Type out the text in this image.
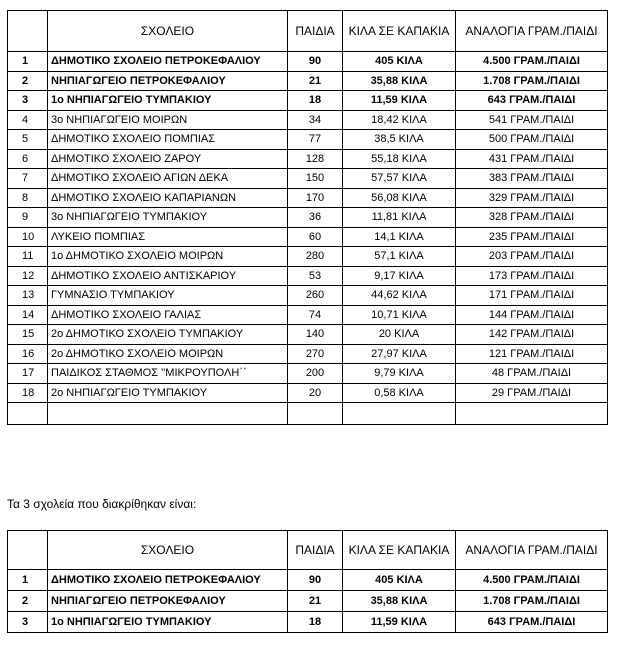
	ΣΧΟΛΕΙΟ	ΠΑΙΔΙΑ	ΚΙΛΑ ΣΕ ΚΑΠΑΚΙΑ	ΑΝΑΛΟΓΙΑ ΓΡΑΜ./ΠΑΙΔΙ
1	ΔΗΜΟΤΙΚΟ ΣΧΟΛΕΙΟ ΠΕΤΡΟΚΕΦΑΛΙΟΥ	90	405 ΚΙΛΑ	4.500 ΓΡΑΜ./ΠΑΙΔΙ
2	ΝΗΠΙΑΓΩΓΕΙΟ ΠΕΤΡΟΚΕΦΑΛΙΟΥ	21	35,88 ΚΙΛΑ	1.708 ΓΡΑΜ./ΠΑΙΔΙ
3	1ο ΝΗΠΙΑΓΩΓΕΙΟ ΤΥΜΠΑΚΙΟΥ	18	11,59 ΚΙΛΑ	643 ΓΡΑΜ./ΠΑΙΔΙ
4	3ο ΝΗΠΙΑΓΩΓΕΙΟ ΜΟΙΡΩΝ	34	18,42 ΚΙΛΑ	541 ΓΡΑΜ./ΠΑΙΔΙ
5	ΔΗΜΟΤΙΚΟ ΣΧΟΛΕΙΟ ΠΟΜΠΙΑΣ	77	38,5 ΚΙΛΑ	500 ΓΡΑΜ./ΠΑΙΔΙ
6	ΔΗΜΟΤΙΚΟ ΣΧΟΛΕΙΟ ΖΑΡΟΥ	128	55,18 ΚΙΛΑ	431 ΓΡΑΜ./ΠΑΙΔΙ
7	ΔΗΜΟΤΙΚΟ ΣΧΟΛΕΙΟ ΑΓΙΩΝ ΔΕΚΑ	150	57,57 ΚΙΛΑ	383 ΓΡΑΜ./ΠΑΙΔΙ
8	ΔΗΜΟΤΙΚΟ ΣΧΟΛΕΙΟ ΚΑΠΑΡΙΑΝΩΝ	170	56,08 ΚΙΛΑ	329 ΓΡΑΜ./ΠΑΙΔΙ
9	3ο ΝΗΠΙΑΓΩΓΕΙΟ ΤΥΜΠΑΚΙΟΥ	36	11,81 ΚΙΛΑ	328 ΓΡΑΜ./ΠΑΙΔΙ
10	ΛΥΚΕΙΟ ΠΟΜΠΙΑΣ	60	14,1 ΚΙΛΑ	235 ΓΡΑΜ./ΠΑΙΔΙ
11	1ο ΔΗΜΟΤΙΚΟ ΣΧΟΛΕΙΟ ΜΟΙΡΩΝ	280	57,1 ΚΙΛΑ	203 ΓΡΑΜ./ΠΑΙΔΙ
12	ΔΗΜΟΤΙΚΟ ΣΧΟΛΕΙΟ ΑΝΤΙΣΚΑΡΙΟΥ	53	9,17 ΚΙΛΑ	173 ΓΡΑΜ./ΠΑΙΔΙ
13	ΓΥΜΝΑΣΙΟ ΤΥΜΠΑΚΙΟΥ	260	44,62 ΚΙΛΑ	171 ΓΡΑΜ./ΠΑΙΔΙ
14	ΔΗΜΟΤΙΚΟ ΣΧΟΛΕΙΟ ΓΑΛΙΑΣ	74	10,71 ΚΙΛΑ	144 ΓΡΑΜ./ΠΑΙΔΙ
15	2ο ΔΗΜΟΤΙΚΟ ΣΧΟΛΕΙΟ ΤΥΜΠΑΚΙΟΥ	140	20 ΚΙΛΑ	142 ΓΡΑΜ./ΠΑΙΔΙ
16	2ο ΔΗΜΟΤΙΚΟ ΣΧΟΛΕΙΟ ΜΟΙΡΩΝ	270	27,97 ΚΙΛΑ	121 ΓΡΑΜ./ΠΑΙΔΙ
17	ΠΑΙΔΙΚΟΣ ΣΤΑΘΜΟΣ ''ΜΙΚΡΟΥΠΟΛΗ΄΄	200	9,79 ΚΙΛΑ	48 ΓΡΑΜ./ΠΑΙΔΙ
18	2ο ΝΗΠΙΑΓΩΓΕΙΟ ΤΥΜΠΑΚΙΟΥ	20	0,58 ΚΙΛΑ	29 ΓΡΑΜ./ΠΑΙΔΙ

Τα 3 σχολεία που διακρίθηκαν είναι:
	ΣΧΟΛΕΙΟ	ΠΑΙΔΙΑ	ΚΙΛΑ ΣΕ ΚΑΠΑΚΙΑ	ΑΝΑΛΟΓΙΑ ΓΡΑΜ./ΠΑΙΔΙ
1	ΔΗΜΟΤΙΚΟ ΣΧΟΛΕΙΟ ΠΕΤΡΟΚΕΦΑΛΙΟΥ	90	405 ΚΙΛΑ	4.500 ΓΡΑΜ./ΠΑΙΔΙ
2	ΝΗΠΙΑΓΩΓΕΙΟ ΠΕΤΡΟΚΕΦΑΛΙΟΥ	21	35,88 ΚΙΛΑ	1.708 ΓΡΑΜ./ΠΑΙΔΙ
3	1ο ΝΗΠΙΑΓΩΓΕΙΟ ΤΥΜΠΑΚΙΟΥ	18	11,59 ΚΙΛΑ	643 ΓΡΑΜ./ΠΑΙΔΙ
